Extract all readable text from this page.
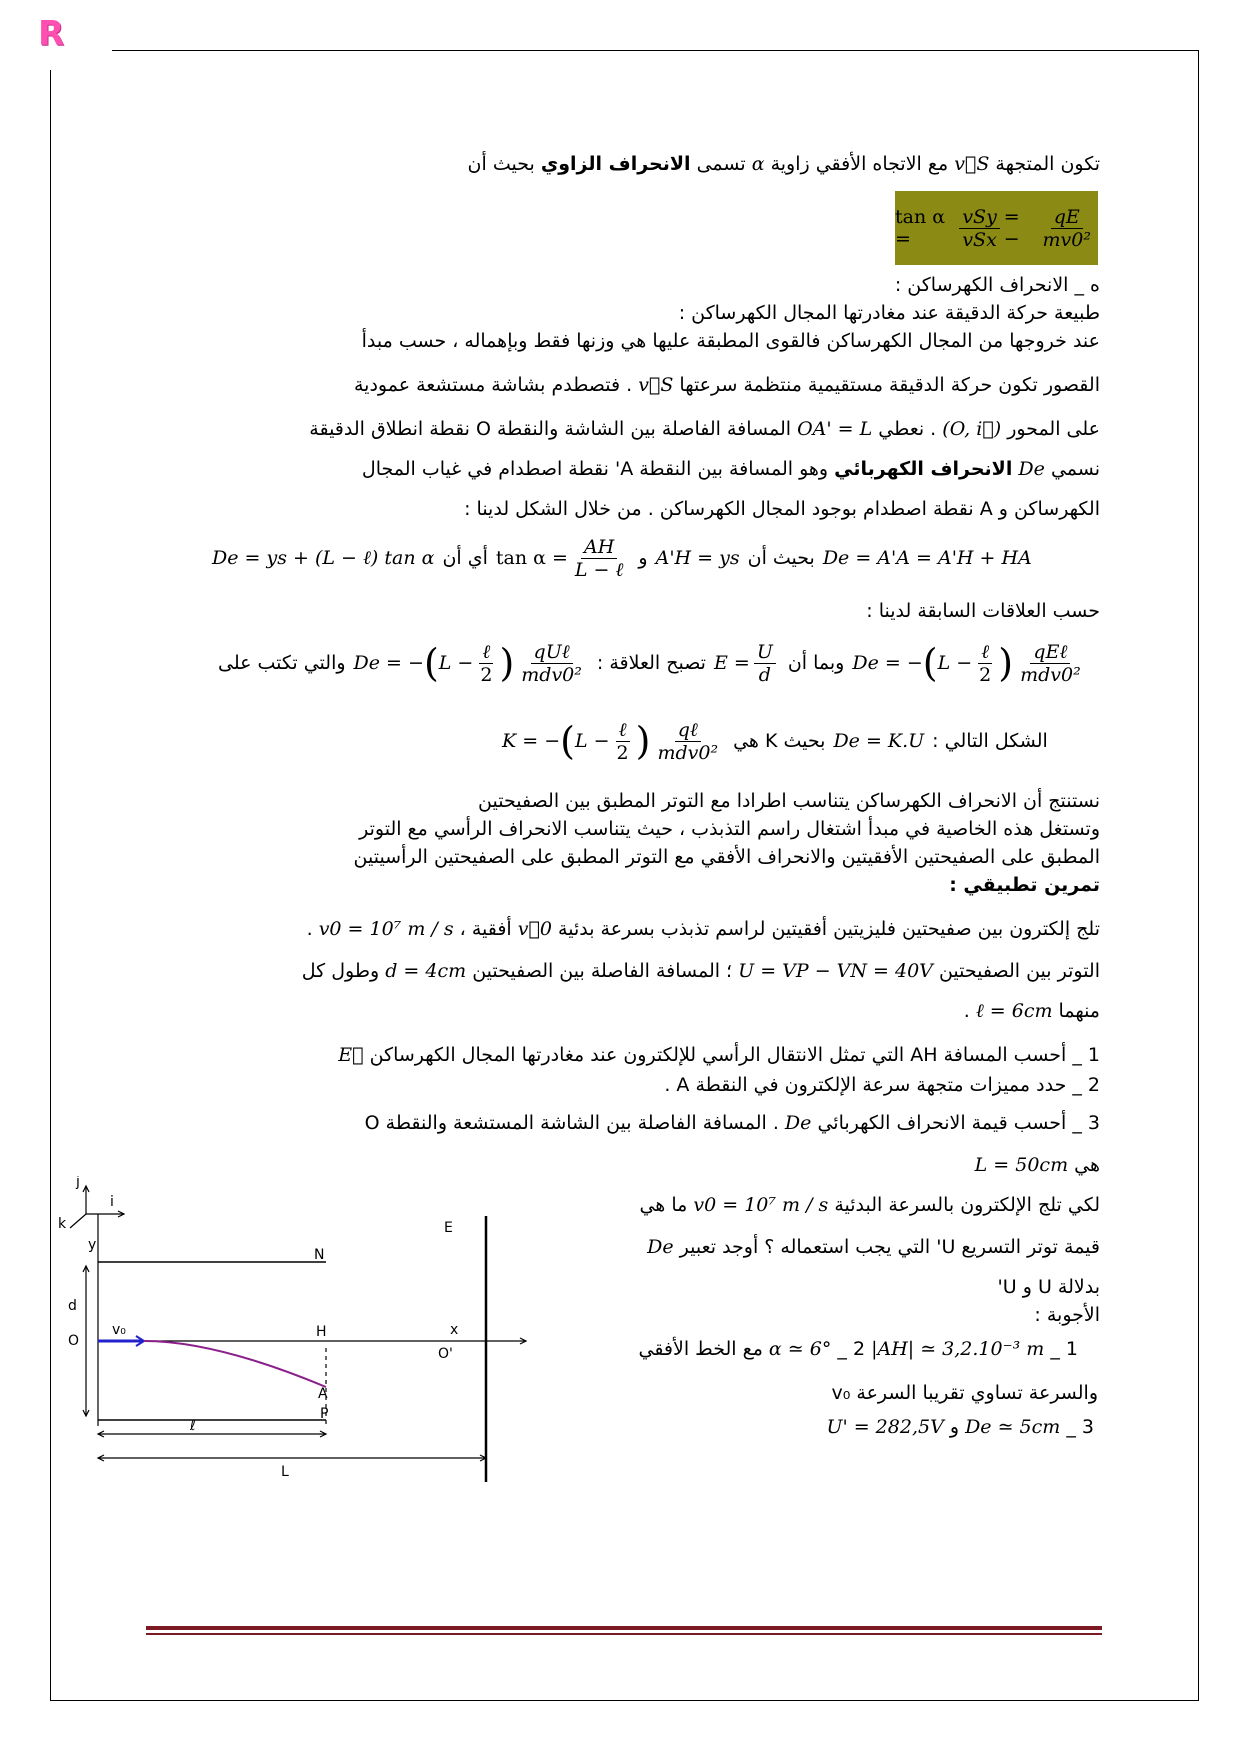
R
تكون المتجهة v⃗S مع الاتجاه الأفقي زاوية α تسمى الانحراف الزاوي بحيث أن
tan α =	$\frac{\text{vSy}}{\text{vSx}}$ = −	$\frac{qE}{\text{mv0²}}$
ه _ الانحراف الكهرساكن :
طبيعة حركة الدقيقة عند مغادرتها المجال الكهرساكن :
عند خروجها من المجال الكهرساكن فالقوى المطبقة عليها هي وزنها فقط وبإهماله ، حسب مبدأ
القصور تكون حركة الدقيقة مستقيمية منتظمة سرعتها v⃗S . فتصطدم بشاشة مستشعة عمودية
على المحور (O, i⃗) . نعطي OA' = L المسافة الفاصلة بين الشاشة والنقطة O نقطة انطلاق الدقيقة
نسمي De الانحراف الكهربائي وهو المسافة بين النقطة A' نقطة اصطدام في غياب المجال
الكهرساكن و A نقطة اصطدام بوجود المجال الكهرساكن . من خلال الشكل لدينا :
De = ys + (L − ℓ) tan α أي أن $\tan \alpha = \frac{AH}{\text{L − ℓ}}$ و A'H = ys بحيث أن De = A'A = A'H + HA
حسب العلاقات السابقة لدينا :
والتي تكتب على De = − ( $L - \frac{\text{ℓ}}{2}$ ) $\frac{\text{qUℓ}}{\text{mdv0²}}$ تصبح العلاقة : $E = \frac{U}{d}$ وبما أن De = − ( $L - \frac{\text{ℓ}}{2}$ ) $\frac{\text{qEℓ}}{\text{mdv0²}}$
K = − ( $L - \frac{\text{ℓ}}{2}$ ) $\frac{\text{qℓ}}{\text{mdv0²}}$ بحيث K هي De = K.U الشكل التالي :
نستنتج أن الانحراف الكهرساكن يتناسب اطرادا مع التوتر المطبق بين الصفيحتين
وتستغل هذه الخاصية في مبدأ اشتغال راسم التذبذب ، حيث يتناسب الانحراف الرأسي مع التوتر
المطبق على الصفيحتين الأفقيتين والانحراف الأفقي مع التوتر المطبق على الصفيحتين الرأسيتين
تمرين تطبيقي :
تلج إلكترون بين صفيحتين فليزيتين أفقيتين لراسم تذبذب بسرعة بدئية v⃗0 أفقية ، v0 = 10⁷ m / s .
التوتر بين الصفيحتين U = VP − VN = 40V ؛ المسافة الفاصلة بين الصفيحتين d = 4cm وطول كل
منهما ℓ = 6cm .
1 _ أحسب المسافة AH التي تمثل الانتقال الرأسي للإلكترون عند مغادرتها المجال الكهرساكن E⃗
2 _ حدد مميزات متجهة سرعة الإلكترون في النقطة A .
3 _ أحسب قيمة الانحراف الكهربائي De . المسافة الفاصلة بين الشاشة المستشعة والنقطة O
هي L = 50cm
لكي تلج الإلكترون بالسرعة البدئية v0 = 10⁷ m / s ما هي
قيمة توتر التسريع U' التي يجب استعماله ؟ أوجد تعبير De
بدلالة U و U'
الأجوبة :
1 _ |AH| ≃ 3,2.10⁻³ m 2 _ α ≃ 6° مع الخط الأفقي
والسرعة تساوي تقريبا السرعة v₀
3 _ De ≃ 5cm و U' = 282,5V
j
i
k
y
N
d
O
v₀	H
A
P
ℓ
L
E
x
O'
